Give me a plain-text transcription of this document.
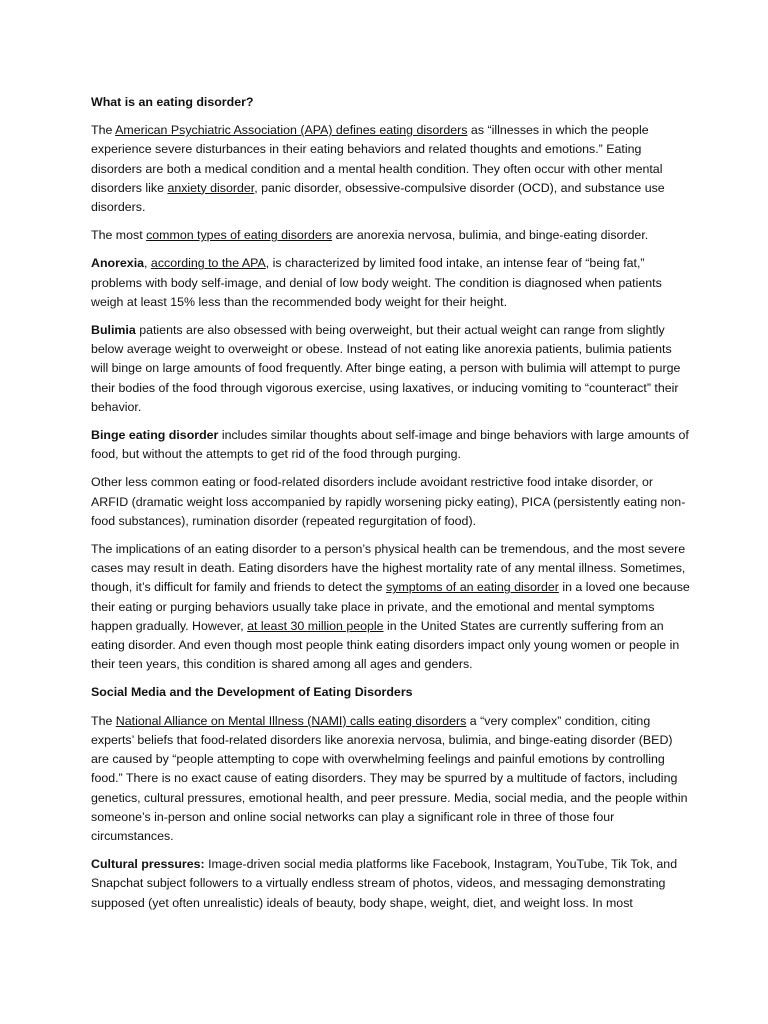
What is an eating disorder?

The American Psychiatric Association (APA) defines eating disorders as “illnesses in which the people experience severe disturbances in their eating behaviors and related thoughts and emotions.” Eating disorders are both a medical condition and a mental health condition. They often occur with other mental disorders like anxiety disorder, panic disorder, obsessive-compulsive disorder (OCD), and substance use disorders.

The most common types of eating disorders are anorexia nervosa, bulimia, and binge-eating disorder.

Anorexia, according to the APA, is characterized by limited food intake, an intense fear of “being fat,” problems with body self-image, and denial of low body weight. The condition is diagnosed when patients weigh at least 15% less than the recommended body weight for their height.

Bulimia patients are also obsessed with being overweight, but their actual weight can range from slightly below average weight to overweight or obese. Instead of not eating like anorexia patients, bulimia patients will binge on large amounts of food frequently. After binge eating, a person with bulimia will attempt to purge their bodies of the food through vigorous exercise, using laxatives, or inducing vomiting to “counteract” their behavior.

Binge eating disorder includes similar thoughts about self-image and binge behaviors with large amounts of food, but without the attempts to get rid of the food through purging.

Other less common eating or food-related disorders include avoidant restrictive food intake disorder, or ARFID (dramatic weight loss accompanied by rapidly worsening picky eating), PICA (persistently eating non-food substances), rumination disorder (repeated regurgitation of food).

The implications of an eating disorder to a person’s physical health can be tremendous, and the most severe cases may result in death. Eating disorders have the highest mortality rate of any mental illness. Sometimes, though, it’s difficult for family and friends to detect the symptoms of an eating disorder in a loved one because their eating or purging behaviors usually take place in private, and the emotional and mental symptoms happen gradually. However, at least 30 million people in the United States are currently suffering from an eating disorder. And even though most people think eating disorders impact only young women or people in their teen years, this condition is shared among all ages and genders.

Social Media and the Development of Eating Disorders

The National Alliance on Mental Illness (NAMI) calls eating disorders a “very complex” condition, citing experts’ beliefs that food-related disorders like anorexia nervosa, bulimia, and binge-eating disorder (BED) are caused by “people attempting to cope with overwhelming feelings and painful emotions by controlling food.” There is no exact cause of eating disorders. They may be spurred by a multitude of factors, including genetics, cultural pressures, emotional health, and peer pressure. Media, social media, and the people within someone’s in-person and online social networks can play a significant role in three of those four circumstances.

Cultural pressures: Image-driven social media platforms like Facebook, Instagram, YouTube, Tik Tok, and Snapchat subject followers to a virtually endless stream of photos, videos, and messaging demonstrating supposed (yet often unrealistic) ideals of beauty, body shape, weight, diet, and weight loss. In most
